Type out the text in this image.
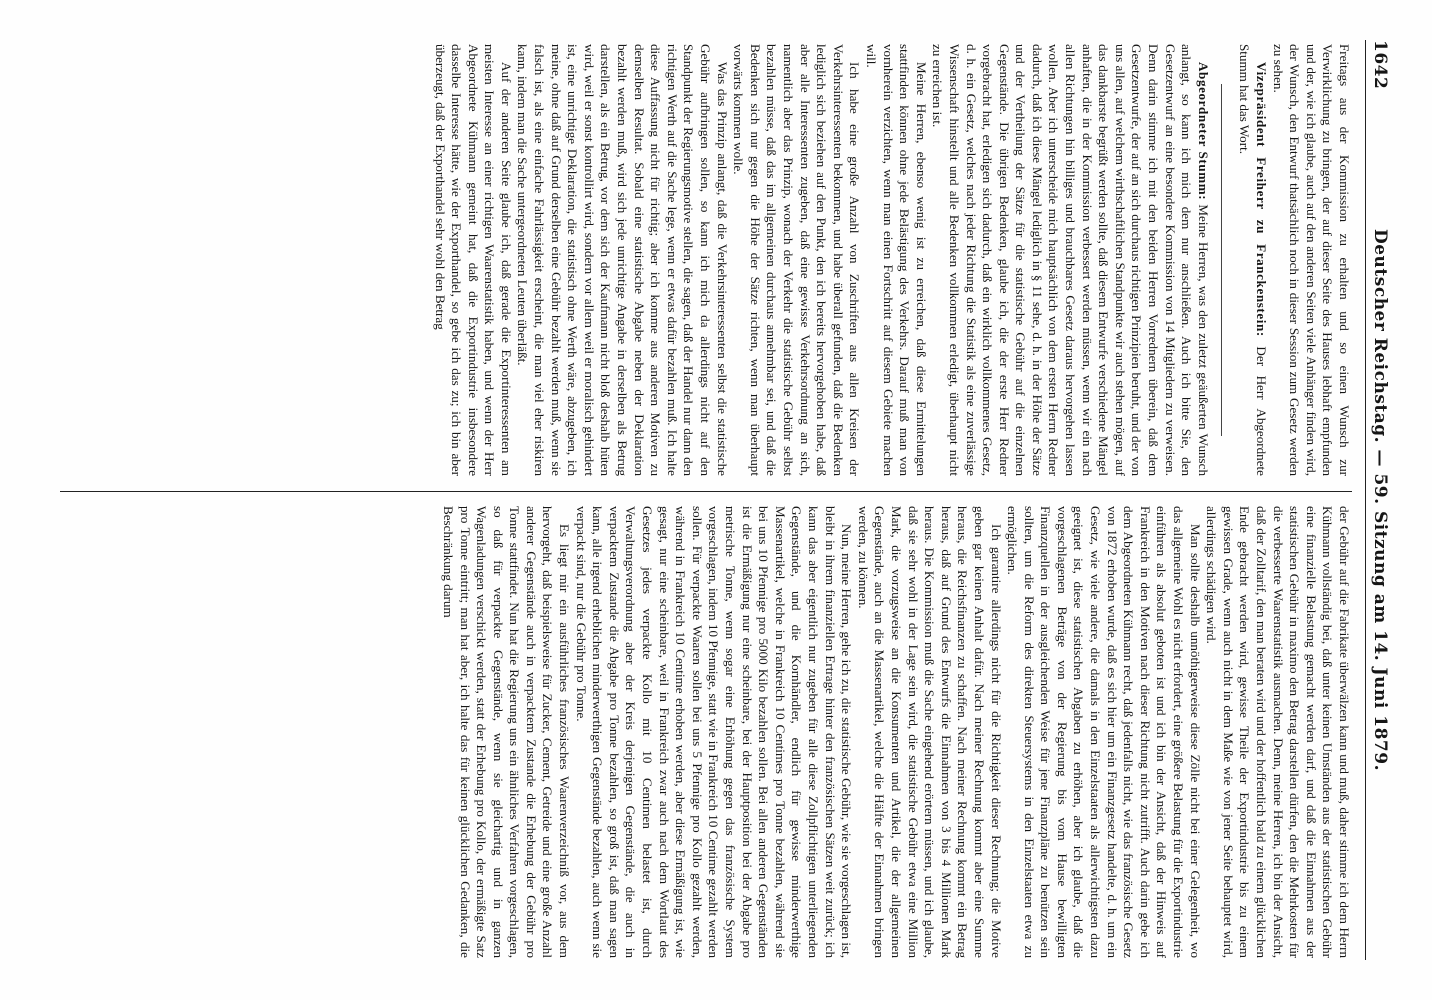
1642
Deutscher Reichstag. — 59. Sitzung am 14. Juni 1879.

Freitags aus der Kommission zu erhalten und so einen Wunsch zur Verwirklichung zu bringen, der auf dieser Seite des Hauses lebhaft empfunden und der, wie ich glaube, auch auf den anderen Seiten viele Anhänger finden wird, der Wunsch, den Entwurf thatsächlich noch in dieser Session zum Gesetz werden zu sehen.

Vizepräsident Freiherr zu Franckenstein: Der Herr Abgeordnete Stumm hat das Wort.

Abgeordneter Stumm: Meine Herren, was den zuletzt geäußerten Wunsch anlangt, so kann ich mich dem nur anschließen. Auch ich bitte Sie, den Gesetzentwurf an eine besondere Kommission von 14 Mitgliedern zu verweisen. Denn darin stimme ich mit den beiden Herren Vorrednern überein, daß dem Gesetzentwurfe, der auf an sich durchaus richtigen Prinzipien beruht, und der von uns allen, auf welchem wirthschaftlichen Standpunkte wir auch stehen mögen, auf das dankbarste begrüßt werden sollte, daß diesem Entwurfe verschiedene Mängel anhaften, die in der Kommission verbessert werden müssen, wenn wir ein nach allen Richtungen hin billiges und brauchbares Gesetz daraus hervorgehen lassen wollen. Aber ich unterscheide mich hauptsächlich von dem ersten Herrn Redner dadurch, daß ich diese Mängel lediglich in § 11 sehe, d. h. in der Höhe der Sätze und der Vertheilung der Sätze für die statistische Gebühr auf die einzelnen Gegenstände. Die übrigen Bedenken, glaube ich, die der erste Herr Redner vorgebracht hat, erledigen sich dadurch, daß ein wirklich vollkommenes Gesetz, d. h. ein Gesetz, welches nach jeder Richtung die Statistik als eine zuverlässige Wissenschaft hinstellt und alle Bedenken vollkommen erledigt, überhaupt nicht zu erreichen ist.

Meine Herren, ebenso wenig ist zu erreichen, daß diese Ermittelungen stattfinden können ohne jede Belästigung des Verkehrs. Darauf muß man von vornherein verzichten, wenn man einen Fortschritt auf diesem Gebiete machen will.

Ich habe eine große Anzahl von Zuschriften aus allen Kreisen der Verkehrsinteressenten bekommen, und habe überall gefunden, daß die Bedenken lediglich sich beziehen auf den Punkt, den ich bereits hervorgehoben habe, daß aber alle Interessenten zugeben, daß eine gewisse Verkehrsordnung an sich, namentlich aber das Prinzip, wonach der Verkehr die statistische Gebühr selbst bezahlen müsse, daß das im allgemeinen durchaus annehmbar sei, und daß die Bedenken sich nur gegen die Höhe der Sätze richten, wenn man überhaupt vorwärts kommen wolle.

Was das Prinzip anlangt, daß die Verkehrsinteressenten selbst die statistische Gebühr aufbringen sollen, so kann ich mich da allerdings nicht auf den Standpunkt der Regierungsmotive stellen, die sagen, daß der Handel nur dann den richtigen Werth auf die Sache lege, wenn er etwas dafür bezahlen muß. Ich halte diese Auffassung nicht für richtig; aber ich komme aus anderen Motiven zu demselben Resultat. Sobald eine statistische Abgabe neben der Deklaration bezahlt werden muß, wird sich jede unrichtige Angabe in derselben als Betrug darstellen, als ein Betrug, vor dem sich der Kaufmann nicht bloß deshalb hüten wird, weil er sonst kontrollirt wird, sondern vor allem weil er moralisch gehindert ist, eine unrichtige Deklaration, die statistisch ohne Werth wäre, abzugeben, ich meine, ohne daß auf Grund derselben eine Gebühr bezahlt werden muß, wenn sie falsch ist, als eine einfache Fahrlässigkeit erscheint, die man viel eher riskiren kann, indem man die Sache untergeordneten Leuten überläßt.

Auf der anderen Seite glaube ich, daß gerade die Exportinteressenten am meisten Interesse an einer richtigen Waarenstatistik haben, und wenn der Herr Abgeordnete Kühmann gemeint hat, daß die Exportindustrie insbesondere dasselbe Interesse hätte, wie der Exporthandel, so gebe ich das zu; ich bin aber überzeugt, daß der Exporthandel sehr wohl den Betrag

der Gebühr auf die Fabrikate überwälzen kann und muß, daher stimme ich dem Herrn Kühmann vollständig bei, daß unter keinen Umständen aus der statistischen Gebühr eine finanzielle Belastung gemacht werden darf, und daß die Einnahmen aus der statistischen Gebühr in maximo den Betrag darstellen dürfen, den die Mehrkosten für die verbesserte Waarenstatistik ausmachen. Denn, meine Herren, ich bin der Ansicht, daß der Zolltarif, den man beraten wird und der hoffentlich bald zu einem glücklichen Ende gebracht werden wird, gewisse Theile der Exportindustrie bis zu einem gewissen Grade, wenn auch nicht in dem Maße wie von jener Seite behauptet wird, allerdings schädigen wird.

Man sollte deshalb unnöthigerweise diese Zölle nicht bei einer Gelegenheit, wo das allgemeine Wohl es nicht erfordert, eine größere Belastung für die Exportindustrie einführen als absolut geboten ist und ich bin der Ansicht, daß der Hinweis auf Frankreich in den Motiven nach dieser Richtung nicht zutrifft. Auch darin gebe ich dem Abgeordneten Kühmann recht, daß jedenfalls nicht, wie das französische Gesetz von 1872 erhoben wurde, daß es sich hier um ein Finanzgesetz handelte, d. h. um ein Gesetz, wie viele andere, die damals in den Einzelstaaten als allerwichtigsten dazu geeignet ist, diese statistischen Abgaben zu erhöhen, aber ich glaube, daß die vorgeschlagenen Beträge von der Regierung bis vom Hause bewilligten Finanzquellen in der ausgleichenden Weise für jene Finanzpläne zu benützen sein sollten, um die Reform des direkten Steuersystems in den Einzelstaaten etwa zu ermöglichen.

Ich garantire allerdings nicht für die Richtigkeit dieser Rechnung; die Motive geben gar keinen Anhalt dafür. Nach meiner Rechnung kommt aber eine Summe heraus, die Reichsfinanzen zu schaffen. Nach meiner Rechnung kommt ein Betrag heraus, daß auf Grund des Entwurfs die Einnahmen von 3 bis 4 Millionen Mark heraus. Die Kommission muß die Sache eingehend erörtern müssen, und ich glaube, daß sie sehr wohl in der Lage sein wird, die statistische Gebühr etwa eine Million Mark, die vorzugsweise an die Konsumenten und Artikel, die der allgemeinen Gegenstände, auch an die Massenartikel, welche die Hälfte der Einnahmen bringen werden, zu können.

Nun, meine Herren, gehe ich zu, die statistische Gebühr, wie sie vorgeschlagen ist, bleibt in ihrem finanziellen Ertrage hinter den französischen Sätzen weit zurück; ich kann das aber eigentlich nur zugeben für alle diese Zollpflichtigen unterliegenden Gegenstände, und die Kornhändler, endlich für gewisse minderwerthige Massenartikel, welche in Frankreich 10 Centimes pro Tonne bezahlen, während sie bei uns 10 Pfennige pro 5000 Kilo bezahlen sollen. Bei allen anderen Gegenständen ist die Ermäßigung nur eine scheinbare, bei der Hauptposition bei der Abgabe pro metrische Tonne, wenn sogar eine Erhöhung gegen das französische System vorgeschlagen, indem 10 Pfennige, statt wie in Frankreich 10 Centime gezahlt werden sollen. Für verpackte Waaren sollen bei uns 5 Pfennige pro Kollo gezahlt werden, während in Frankreich 10 Centime erhoben werden, aber diese Ermäßigung ist, wie gesagt, nur eine scheinbare, weil in Frankreich zwar auch nach dem Wortlaut des Gesetzes jedes verpackte Kollo mit 10 Centimen belastet ist, durch Verwaltungsverordnung aber der Kreis derjenigen Gegenstände, die auch in verpacktem Zustande die Abgabe pro Tonne bezahlen, so groß ist, daß man sagen kann, alle irgend erheblichen minderwerthigen Gegenstände bezahlen, auch wenn sie verpackt sind, nur die Gebühr pro Tonne.

Es liegt mir ein ausführliches französisches Waarenverzeichniß vor, aus dem hervorgeht, daß beispielsweise für Zucker, Cement, Getreide und eine große Anzahl anderer Gegenstände auch in verpacktem Zustande die Erhebung der Gebühr pro Tonne stattfindet. Nun hat die Regierung uns ein ähnliches Verfahren vorgeschlagen, so daß für verpackte Gegenstände, wenn sie gleichartig und in ganzen Wagenladungen verschickt werden, statt der Erhebung pro Kollo, der ermäßigte Satz pro Tonne eintritt; man hat aber, ich halte das für keinen glücklichen Gedanken, die Beschränkung darum
